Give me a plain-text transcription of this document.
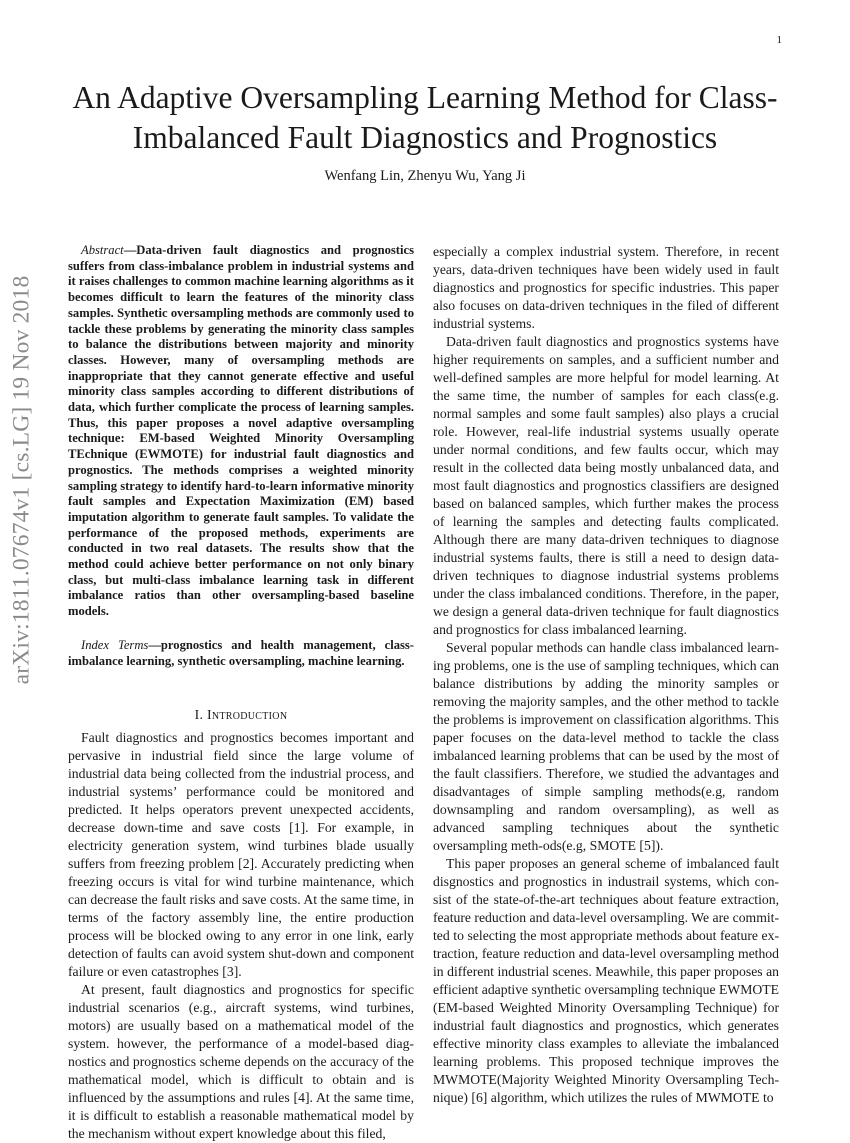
1
arXiv:1811.07674v1 [cs.LG] 19 Nov 2018
An Adaptive Oversampling Learning Method for Class-Imbalanced Fault Diagnostics and Prognostics
Wenfang Lin, Zhenyu Wu, Yang Ji

Abstract—Data-driven fault diagnostics and prognostics suffers from class-imbalance problem in industrial systems and it raises challenges to common machine learning algorithms as it becomes difficult to learn the features of the minority class samples. Synthetic oversampling methods are commonly used to tackle these problems by generating the minority class samples to balance the distributions between majority and minority classes. However, many of oversampling methods are inappropriate that they cannot generate effective and useful minority class samples according to different distributions of data, which further complicate the process of learning samples. Thus, this paper proposes a novel adaptive oversampling technique: EM-based Weighted Minority Oversampling TEchnique (EWMOTE) for industrial fault diagnostics and prognostics. The methods comprises a weighted minority sampling strategy to identify hard-to-learn informative minority fault samples and Expectation Maximization (EM) based imputation algorithm to generate fault samples. To validate the performance of the proposed methods, experiments are conducted in two real datasets. The results show that the method could achieve better performance on not only binary class, but multi-class imbalance learning task in different imbalance ratios than other oversampling-based baseline models.

Index Terms—prognostics and health management, class-imbalance learning, synthetic oversampling, machine learning.

I. Introduction

Fault diagnostics and prognostics becomes important and pervasive in industrial field since the large volume of industrial data being collected from the industrial process, and industrial systems’ performance could be monitored and predicted. It helps operators prevent unexpected accidents, decrease down-time and save costs [1]. For example, in electricity generation system, wind turbines blade usually suffers from freezing problem [2]. Accurately predicting when freezing occurs is vital for wind turbine maintenance, which can decrease the fault risks and save costs. At the same time, in terms of the factory assembly line, the entire production process will be blocked owing to any error in one link, early detection of faults can avoid system shut-down and component failure or even catastrophes [3].

At present, fault diagnostics and prognostics for specific industrial scenarios (e.g., aircraft systems, wind turbines, motors) are usually based on a mathematical model of the system. however, the performance of a model-based diag-nostics and prognostics scheme depends on the accuracy of the mathematical model, which is difficult to obtain and is influenced by the assumptions and rules [4]. At the same time, it is difficult to establish a reasonable mathematical model by the mechanism without expert knowledge about this filed,

especially a complex industrial system. Therefore, in recent years, data-driven techniques have been widely used in fault diagnostics and prognostics for specific industries. This paper also focuses on data-driven techniques in the filed of different industrial systems.

Data-driven fault diagnostics and prognostics systems have higher requirements on samples, and a sufficient number and well-defined samples are more helpful for model learning. At the same time, the number of samples for each class(e.g. normal samples and some fault samples) also plays a crucial role. However, real-life industrial systems usually operate under normal conditions, and few faults occur, which may result in the collected data being mostly unbalanced data, and most fault diagnostics and prognostics classifiers are designed based on balanced samples, which further makes the process of learning the samples and detecting faults complicated. Although there are many data-driven techniques to diagnose industrial systems faults, there is still a need to design data-driven techniques to diagnose industrial systems problems under the class imbalanced conditions. Therefore, in the paper, we design a general data-driven technique for fault diagnostics and prognostics for class imbalanced learning.

Several popular methods can handle class imbalanced learn-ing problems, one is the use of sampling techniques, which can balance distributions by adding the minority samples or removing the majority samples, and the other method to tackle the problems is improvement on classification algorithms. This paper focuses on the data-level method to tackle the class imbalanced learning problems that can be used by the most of the fault classifiers. Therefore, we studied the advantages and disadvantages of simple sampling methods(e.g, random downsampling and random oversampling), as well as advanced sampling techniques about the synthetic oversampling meth-ods(e.g, SMOTE [5]).

This paper proposes an general scheme of imbalanced fault disgnostics and prognostics in industrail systems, which con-sist of the state-of-the-art techniques about feature extraction, feature reduction and data-level oversampling. We are commit-ted to selecting the most appropriate methods about feature ex-traction, feature reduction and data-level oversampling method in different industrial scenes. Meawhile, this paper proposes an efficient adaptive synthetic oversampling technique EWMOTE (EM-based Weighted Minority Oversampling Technique) for industrial fault diagnostics and prognostics, which generates effective minority class examples to alleviate the imbalanced learning problems. This proposed technique improves the MWMOTE(Majority Weighted Minority Oversampling Tech-nique) [6] algorithm, which utilizes the rules of MWMOTE to
